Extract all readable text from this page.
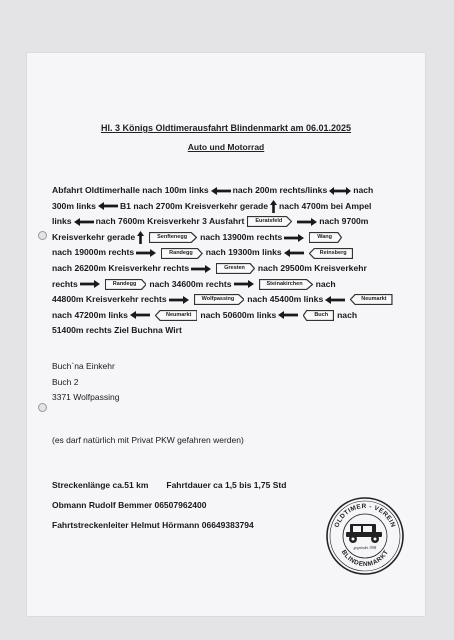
Hl. 3 Königs Oldtimerausfahrt Blindenmarkt am 06.01.2025
Auto und Motorrad
Abfahrt Oldtimerhalle nach 100m links	nach 200m rechts/links	nach
300m links	B1 nach 2700m Kreisverkehr gerade nach 4700m bei Ampel
links	nach 7600m Kreisverkehr 3 Ausfahrt Euratsfeld	nach 9700m
Kreisverkehr gerade	Senftenegg nach 13900m rechts	Wang
nach 19000m rechts	Randegg nach 19300m links	Reinsberg
nach 26200m Kreisverkehr rechts	Gresten nach 29500m Kreisverkehr
rechts	Randegg nach 34600m rechts	Steinakirchen nach
44800m Kreisverkehr rechts	Wolfpassing nach 45400m links	Neumarkt
nach 47200m links	Neumarkt nach 50600m links	Buch nach
51400m rechts Ziel Buchna Wirt
Buch`na Einkehr
Buch 2
3371 Wolfpassing
(es darf natürlich mit Privat PKW gefahren werden)
Streckenlänge ca.51 km Fahrtdauer ca 1,5 bis 1,75 Std
Obmann Rudolf Bemmer 06507962400
Fahrtstreckenleiter Helmut Hörmann 06649383794	OLDTIMER - VEREIN
BLINDENMARKT
gegründet 1994
